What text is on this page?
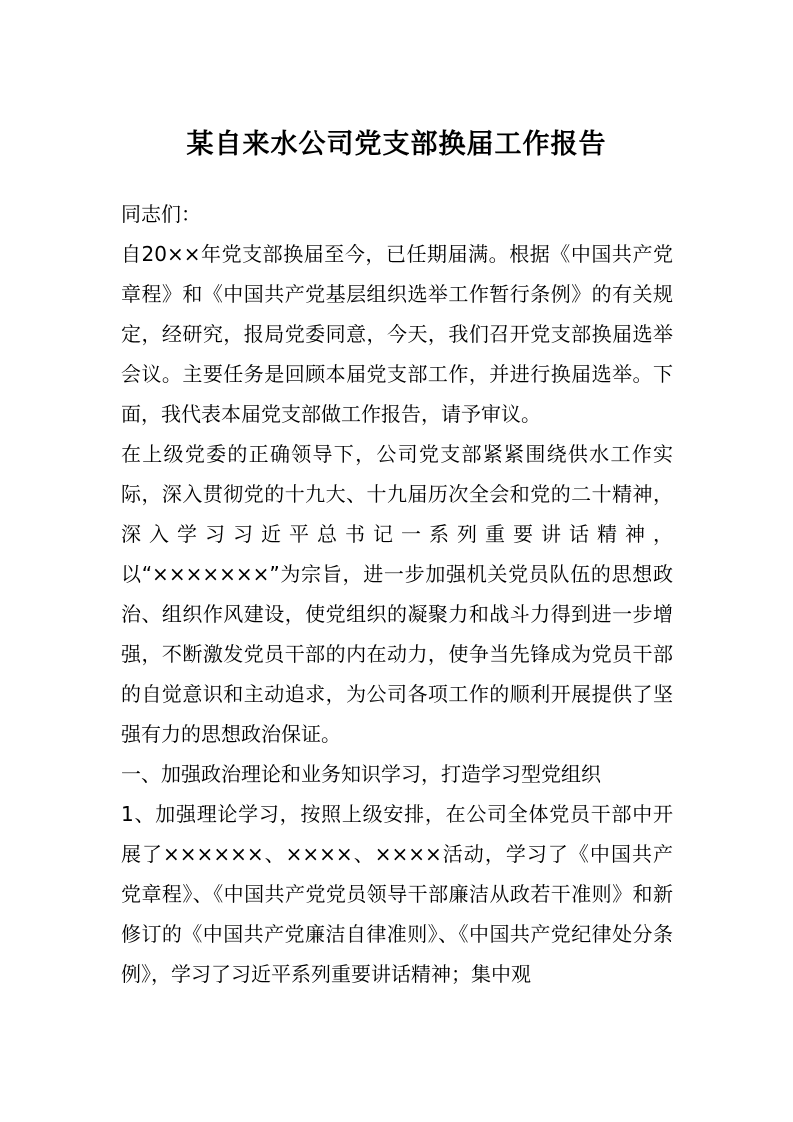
某自来水公司党支部换届工作报告

同志们：

自20××年党支部换届至今，已任期届满。根据《中国共产党章程》和《中国共产党基层组织选举工作暂行条例》的有关规定，经研究，报局党委同意，今天，我们召开党支部换届选举会议。主要任务是回顾本届党支部工作，并进行换届选举。下面，我代表本届党支部做工作报告，请予审议。

在上级党委的正确领导下，公司党支部紧紧围绕供水工作实际，深入贯彻党的十九大、十九届历次全会和党的二十精神，深入学习习近平总书记一系列重要讲话精神，以“×××××××”为宗旨，进一步加强机关党员队伍的思想政治、组织作风建设，使党组织的凝聚力和战斗力得到进一步增强，不断激发党员干部的内在动力，使争当先锋成为党员干部的自觉意识和主动追求，为公司各项工作的顺利开展提供了坚强有力的思想政治保证。

一、加强政治理论和业务知识学习，打造学习型党组织

1、加强理论学习，按照上级安排，在公司全体党员干部中开展了××××××、××××、××××活动，学习了《中国共产党章程》、《中国共产党党员领导干部廉洁从政若干准则》和新修订的《中国共产党廉洁自律准则》、《中国共产党纪律处分条例》，学习了习近平系列重要讲话精神；集中观
